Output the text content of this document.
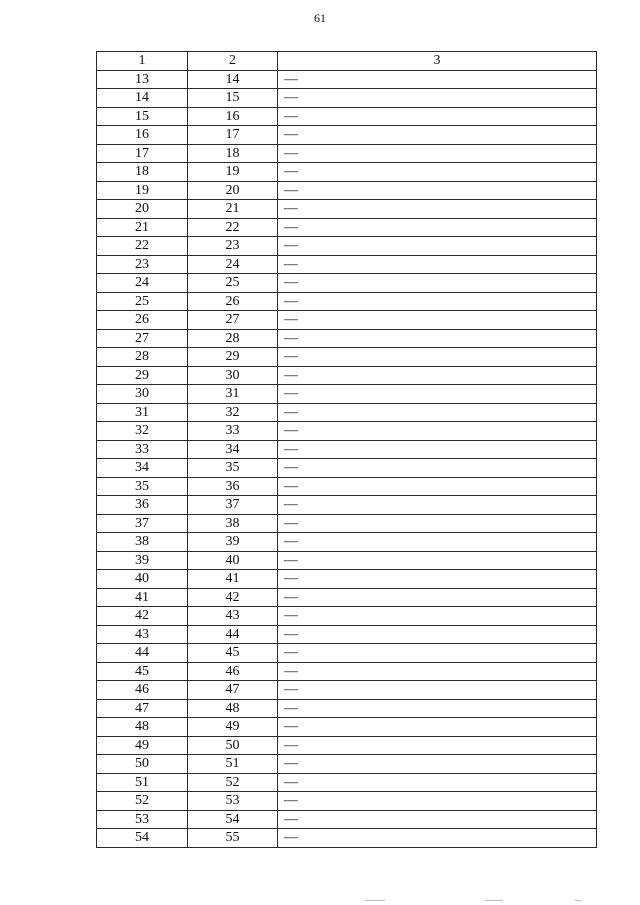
61
1	2	3
13	14	—
14	15	—
15	16	—
16	17	—
17	18	—
18	19	—
19	20	—
20	21	—
21	22	—
22	23	—
23	24	—
24	25	—
25	26	—
26	27	—
27	28	—
28	29	—
29	30	—
30	31	—
31	32	—
32	33	—
33	34	—
34	35	—
35	36	—
36	37	—
37	38	—
38	39	—
39	40	—
40	41	—
41	42	—
42	43	—
43	44	—
44	45	—
45	46	—
46	47	—
47	48	—
48	49	—
49	50	—
50	51	—
51	52	—
52	53	—
53	54	—
54	55	—
